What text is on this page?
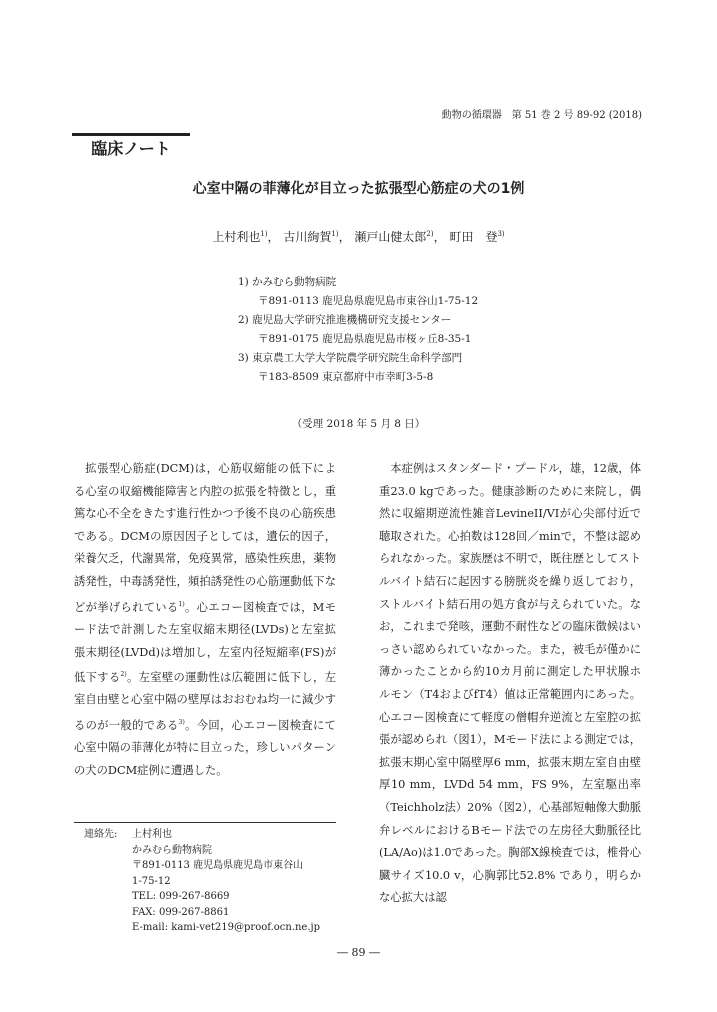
動物の循環器　第 51 巻 2 号 89-92 (2018)
臨床ノート
心室中隔の菲薄化が目立った拡張型心筋症の犬の1例
上村利也$^{1)}$， 古川絢賀$^{1)}$， 瀬戸山健太郎$^{2)}$， 町田　登$^{3)}$
1) かみむら動物病院
〒891-0113 鹿児島県鹿児島市東谷山1-75-12
2) 鹿児島大学研究推進機構研究支援センター
〒891-0175 鹿児島県鹿児島市桜ヶ丘8-35-1
3) 東京農工大学大学院農学研究院生命科学部門
〒183-8509 東京都府中市幸町3-5-8
（受理 2018 年 5 月 8 日）

拡張型心筋症(DCM)は，心筋収縮能の低下による心室の収縮機能障害と内腔の拡張を特徴とし，重篤な心不全をきたす進行性かつ予後不良の心筋疾患である。DCMの原因因子としては，遺伝的因子，栄養欠乏，代謝異常，免疫異常，感染性疾患，薬物誘発性，中毒誘発性，頻拍誘発性の心筋運動低下などが挙げられている$^{1)}$。心エコー図検査では，Mモード法で計測した左室収縮末期径(LVDs)と左室拡張末期径(LVDd)は増加し，左室内径短縮率(FS)が低下する$^{2)}$。左室壁の運動性は広範囲に低下し，左室自由壁と心室中隔の壁厚はおおむね均一に減少するのが一般的である$^{3)}$。今回，心エコー図検査にて心室中隔の菲薄化が特に目立った，珍しいパターンの犬のDCM症例に遭遇した。

本症例はスタンダード・プードル，雄，12歳，体重23.0 kgであった。健康診断のために来院し，偶然に収縮期逆流性雑音LevineII/VIが心尖部付近で聴取された。心拍数は128回／minで，不整は認められなかった。家族歴は不明で，既往歴としてストルバイト結石に起因する膀胱炎を繰り返しており，ストルバイト結石用の処方食が与えられていた。なお，これまで発咳，運動不耐性などの臨床徴候はいっさい認められていなかった。また，被毛が僅かに薄かったことから約10カ月前に測定した甲状腺ホルモン（T4およびfT4）値は正常範囲内にあった。心エコー図検査にて軽度の僧帽弁逆流と左室腔の拡張が認められ（図1），Mモード法による測定では，拡張末期心室中隔壁厚6 mm，拡張末期左室自由壁厚10 mm，LVDd 54 mm，FS 9%，左室駆出率（Teichholz法）20%（図2），心基部短軸像大動脈弁レベルにおけるBモード法での左房径大動脈径比(LA/Ao)は1.0であった。胸部X線検査では，椎骨心臓サイズ10.0 v，心胸郭比52.8% であり，明らかな心拡大は認

連絡先: 上村利也
かみむら動物病院
〒891-0113 鹿児島県鹿児島市東谷山
1-75-12
TEL: 099-267-8669
FAX: 099-267-8861
E-mail: kami-vet219@proof.ocn.ne.jp
― 89 ―
